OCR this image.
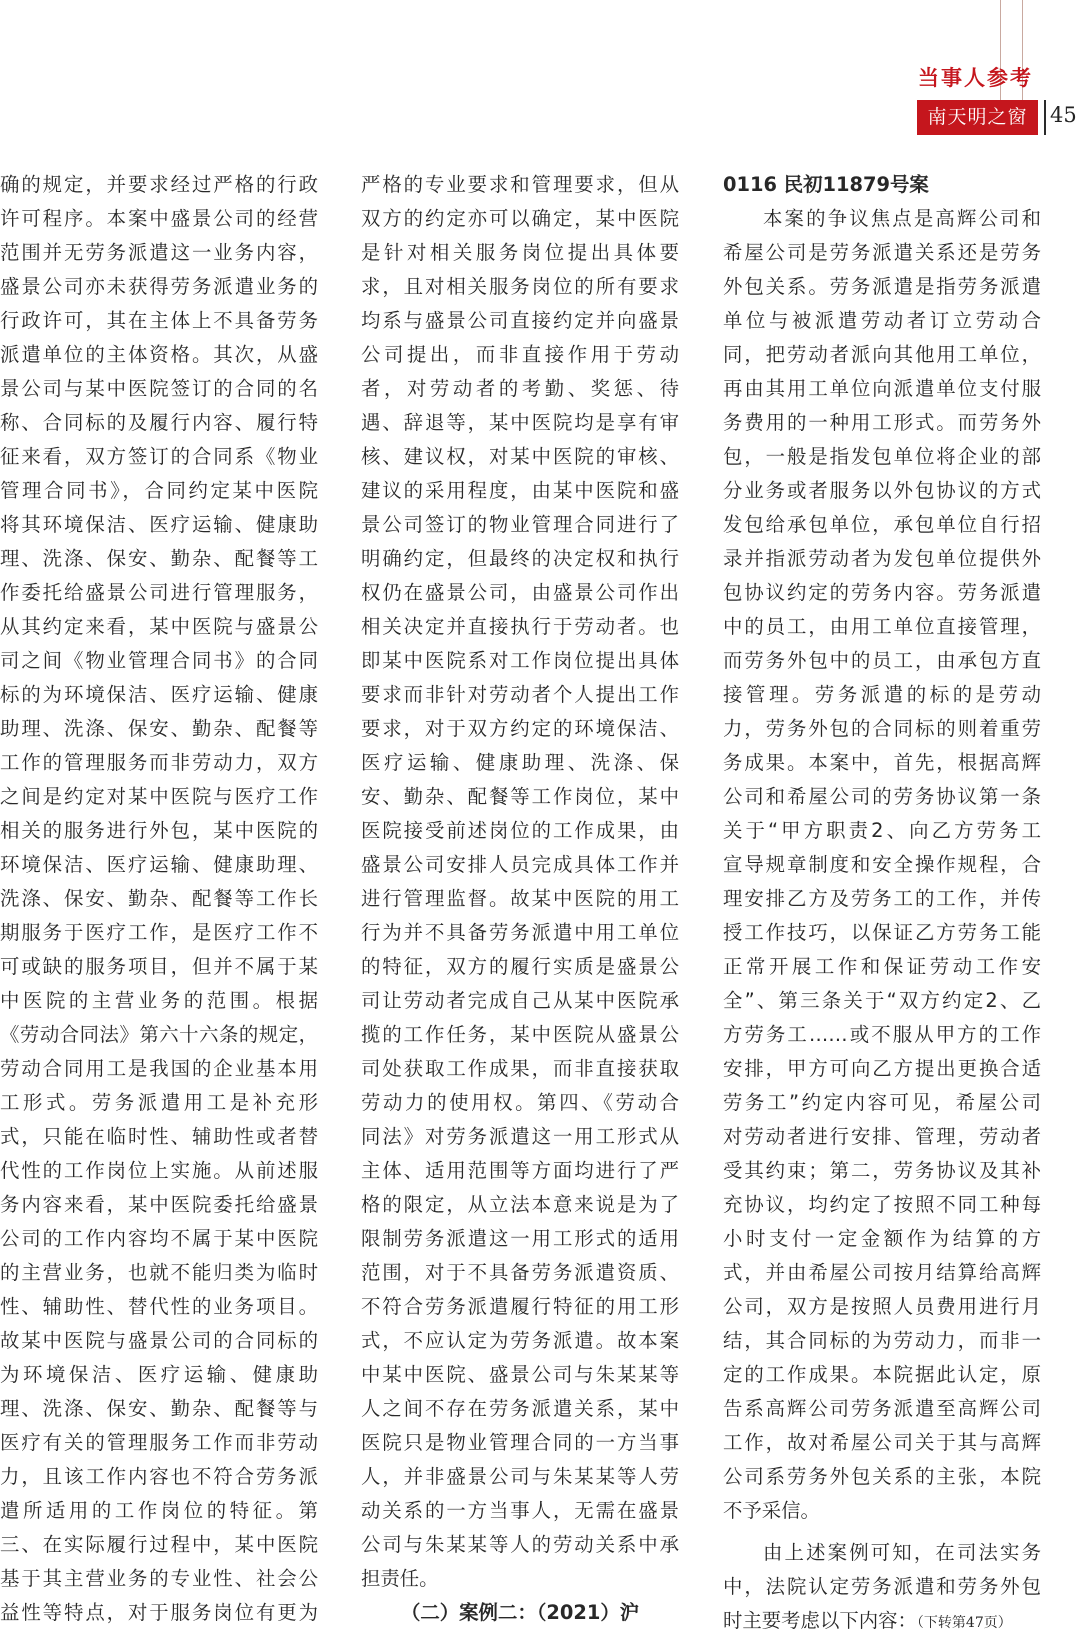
当事人参考
南天明之窗	45
确的规定，并要求经过严格的行政
许可程序。本案中盛景公司的经营
范围并无劳务派遣这一业务内容，
盛景公司亦未获得劳务派遣业务的
行政许可，其在主体上不具备劳务
派遣单位的主体资格。其次，从盛
景公司与某中医院签订的合同的名
称、合同标的及履行内容、履行特
征来看，双方签订的合同系《物业
管理合同书》，合同约定某中医院
将其环境保洁、医疗运输、健康助
理、洗涤、保安、勤杂、配餐等工
作委托给盛景公司进行管理服务，
从其约定来看，某中医院与盛景公
司之间《物业管理合同书》的合同
标的为环境保洁、医疗运输、健康
助理、洗涤、保安、勤杂、配餐等
工作的管理服务而非劳动力，双方
之间是约定对某中医院与医疗工作
相关的服务进行外包，某中医院的
环境保洁、医疗运输、健康助理、
洗涤、保安、勤杂、配餐等工作长
期服务于医疗工作，是医疗工作不
可或缺的服务项目，但并不属于某
中医院的主营业务的范围。根据
《劳动合同法》第六十六条的规定，
劳动合同用工是我国的企业基本用
工形式。劳务派遣用工是补充形
式，只能在临时性、辅助性或者替
代性的工作岗位上实施。从前述服
务内容来看，某中医院委托给盛景
公司的工作内容均不属于某中医院
的主营业务，也就不能归类为临时
性、辅助性、替代性的业务项目。
故某中医院与盛景公司的合同标的
为环境保洁、医疗运输、健康助
理、洗涤、保安、勤杂、配餐等与
医疗有关的管理服务工作而非劳动
力，且该工作内容也不符合劳务派
遣所适用的工作岗位的特征。第
三、在实际履行过程中，某中医院
基于其主营业务的专业性、社会公
益性等特点，对于服务岗位有更为
严格的专业要求和管理要求，但从
双方的约定亦可以确定，某中医院
是针对相关服务岗位提出具体要
求，且对相关服务岗位的所有要求
均系与盛景公司直接约定并向盛景
公司提出，而非直接作用于劳动
者，对劳动者的考勤、奖惩、待
遇、辞退等，某中医院均是享有审
核、建议权，对某中医院的审核、
建议的采用程度，由某中医院和盛
景公司签订的物业管理合同进行了
明确约定，但最终的决定权和执行
权仍在盛景公司，由盛景公司作出
相关决定并直接执行于劳动者。也
即某中医院系对工作岗位提出具体
要求而非针对劳动者个人提出工作
要求，对于双方约定的环境保洁、
医疗运输、健康助理、洗涤、保
安、勤杂、配餐等工作岗位，某中
医院接受前述岗位的工作成果，由
盛景公司安排人员完成具体工作并
进行管理监督。故某中医院的用工
行为并不具备劳务派遣中用工单位
的特征，双方的履行实质是盛景公
司让劳动者完成自己从某中医院承
揽的工作任务，某中医院从盛景公
司处获取工作成果，而非直接获取
劳动力的使用权。第四、《劳动合
同法》对劳务派遣这一用工形式从
主体、适用范围等方面均进行了严
格的限定，从立法本意来说是为了
限制劳务派遣这一用工形式的适用
范围，对于不具备劳务派遣资质、
不符合劳务派遣履行特征的用工形
式，不应认定为劳务派遣。故本案
中某中医院、盛景公司与朱某某等
人之间不存在劳务派遣关系，某中
医院只是物业管理合同的一方当事
人，并非盛景公司与朱某某等人劳
动关系的一方当事人，无需在盛景
公司与朱某某等人的劳动关系中承
担责任。
（二）案例二：（2021）沪
0116 民初11879号案
本案的争议焦点是高辉公司和
希屋公司是劳务派遣关系还是劳务
外包关系。劳务派遣是指劳务派遣
单位与被派遣劳动者订立劳动合
同，把劳动者派向其他用工单位，
再由其用工单位向派遣单位支付服
务费用的一种用工形式。而劳务外
包，一般是指发包单位将企业的部
分业务或者服务以外包协议的方式
发包给承包单位，承包单位自行招
录并指派劳动者为发包单位提供外
包协议约定的劳务内容。劳务派遣
中的员工，由用工单位直接管理，
而劳务外包中的员工，由承包方直
接管理。劳务派遣的标的是劳动
力，劳务外包的合同标的则着重劳
务成果。本案中，首先，根据高辉
公司和希屋公司的劳务协议第一条
关于“甲方职责2、向乙方劳务工
宣导规章制度和安全操作规程，合
理安排乙方及劳务工的工作，并传
授工作技巧，以保证乙方劳务工能
正常开展工作和保证劳动工作安
全”、第三条关于“双方约定2、乙
方劳务工……或不服从甲方的工作
安排，甲方可向乙方提出更换合适
劳务工”约定内容可见，希屋公司
对劳动者进行安排、管理，劳动者
受其约束；第二，劳务协议及其补
充协议，均约定了按照不同工种每
小时支付一定金额作为结算的方
式，并由希屋公司按月结算给高辉
公司，双方是按照人员费用进行月
结，其合同标的为劳动力，而非一
定的工作成果。本院据此认定，原
告系高辉公司劳务派遣至高辉公司
工作，故对希屋公司关于其与高辉
公司系劳务外包关系的主张，本院
不予采信。
由上述案例可知，在司法实务
中，法院认定劳务派遣和劳务外包
时主要考虑以下内容：（下转第47页）
